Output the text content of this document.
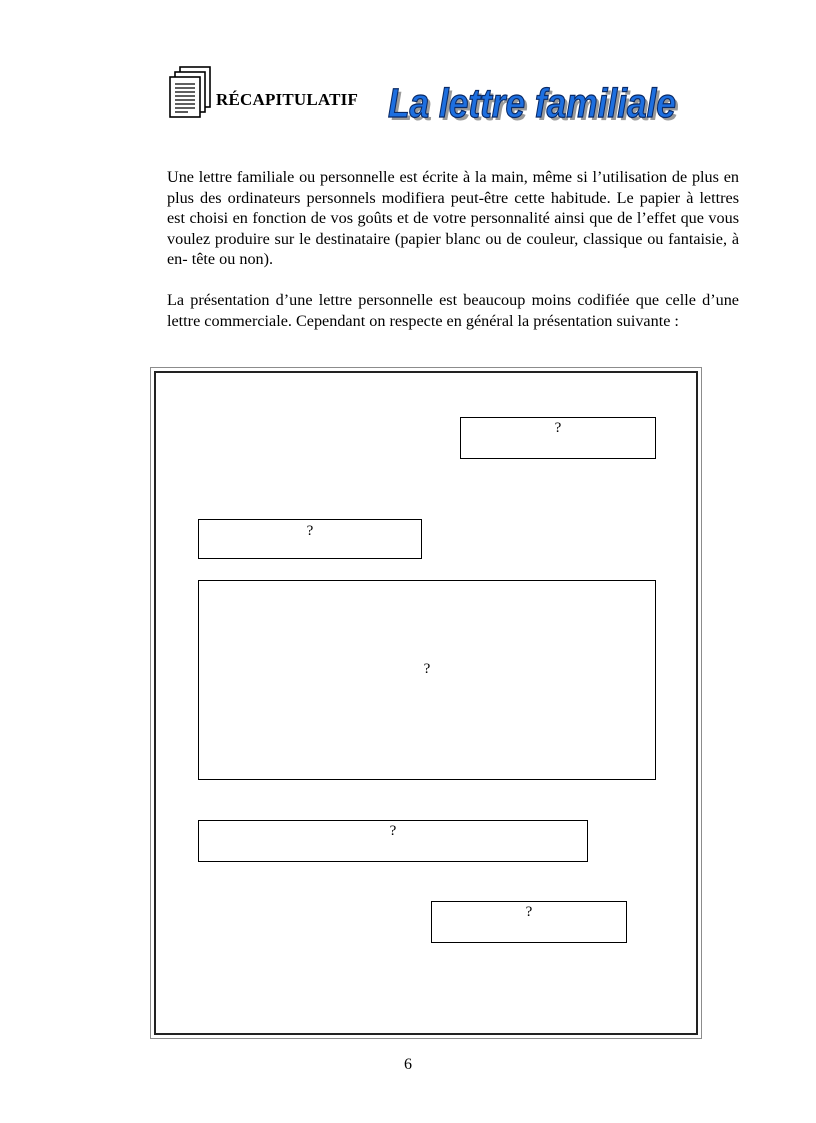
RÉCAPITULATIF La lettre familiale
La lettre familiale

Une lettre familiale ou personnelle est écrite à la main, même si l’utilisation de plus en plus des ordinateurs personnels modifiera peut-être cette habitude. Le papier à lettres est choisi en fonction de vos goûts et de votre personnalité ainsi que de l’effet que vous voulez produire sur le destinataire (papier blanc ou de couleur, classique ou fantaisie, à en- tête ou non).

La présentation d’une lettre personnelle est beaucoup moins codifiée que celle d’une lettre commerciale. Cependant on respecte en général la présentation suivante :

?
?
?
?
?
6
